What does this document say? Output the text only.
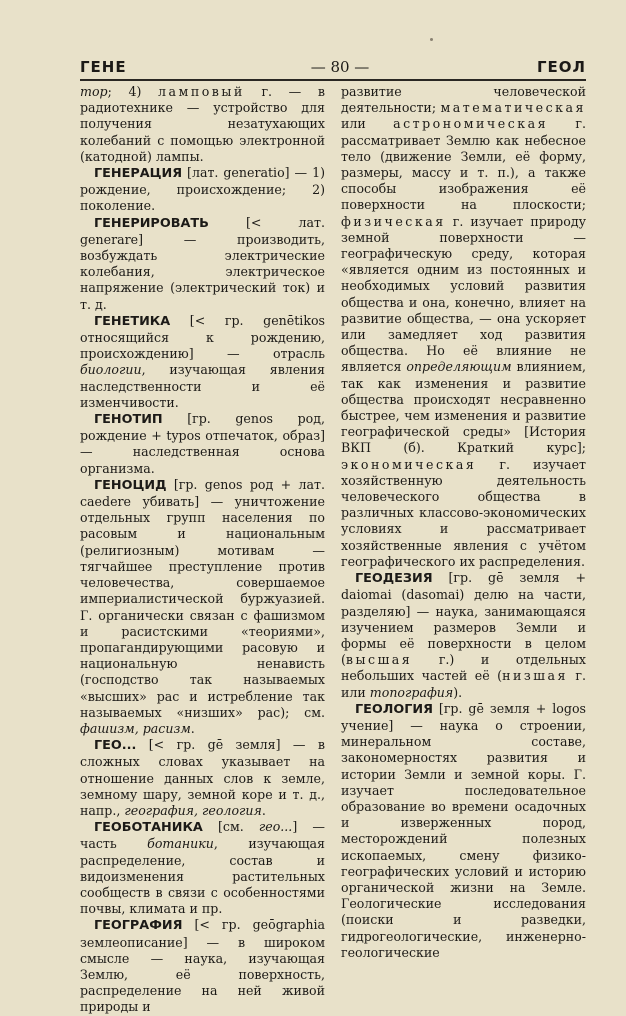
ГЕНЕ	— 80 —	ГЕОЛ

тор; 4) ламповый г. — в радиотехнике — устройство для получения незатухающих колебаний с помощью электронной (катодной) лампы.

ГЕНЕРАЦИЯ [лат. generatio] — 1) рождение, происхождение; 2) поколение.

ГЕНЕРИРОВАТЬ [< лат. generare] — производить, возбуждать электрические колебания, электрическое напряжение (электрический ток) и т. д.

ГЕНЕТИКА [< гр. genētikos относящийся к рождению, происхождению] — отрасль биологии, изучающая явления наследственности и её изменчивости.

ГЕНОТИП [гр. genos род, рождение + typos отпечаток, образ] — наследственная основа организма.

ГЕНОЦИД [гр. genos род + лат. caedere убивать] — уничтожение отдельных групп населения по расовым и национальным (религиозным) мотивам — тягчайшее преступление против человечества, совершаемое империалистической буржуазией. Г. органически связан с фашизмом и расистскими «теориями», пропагандирующими расовую и национальную ненависть (господство так называемых «высших» рас и истребление так называемых «низших» рас); см. фашизм, расизм.

ГЕО... [< гр. gē земля] — в сложных словах указывает на отношение данных слов к земле, земному шару, земной коре и т. д., напр., география, геология.

ГЕОБОТАНИКА [см. гео...] — часть ботаники, изучающая распределение, состав и видоизменения растительных сообществ в связи с особенностями почвы, климата и пр.

ГЕОГРАФИЯ [< гр. geōgraphia землеописание] — в широком смысле — наука, изучающая Землю, её поверхность, распределение на ней живой природы и

развитие человеческой деятельности; математическая или астрономическая г. рассматривает Землю как небесное тело (движение Земли, её форму, размеры, массу и т. п.), а также способы изображения её поверхности на плоскости; физическая г. изучает природу земной поверхности — географическую среду, которая «является одним из постоянных и необходимых условий развития общества и она, конечно, влияет на развитие общества, — она ускоряет или замедляет ход развития общества. Но её влияние не является определяющим влиянием, так как изменения и развитие общества происходят несравненно быстрее, чем изменения и развитие географической среды» [История ВКП (б). Краткий курс]; экономическая г. изучает хозяйственную деятельность человеческого общества в различных классово-экономических условиях и рассматривает хозяйственные явления с учётом географического их распределения.

ГЕОДЕЗИЯ [гр. gē земля + daiomai (dasomai) делю на части, разделяю] — наука, занимающаяся изучением размеров Земли и формы её поверхности в целом (высшая г.) и отдельных небольших частей её (низшая г. или топография).

ГЕОЛОГИЯ [гр. gē земля + logos учение] — наука о строении, минеральном составе, закономерностях развития и истории Земли и земной коры. Г. изучает последовательное образование во времени осадочных и изверженных пород, месторождений полезных ископаемых, смену физико-географических условий и историю органической жизни на Земле. Геологические исследования (поиски и разведки, гидрогеологические, инженерно-геологические
